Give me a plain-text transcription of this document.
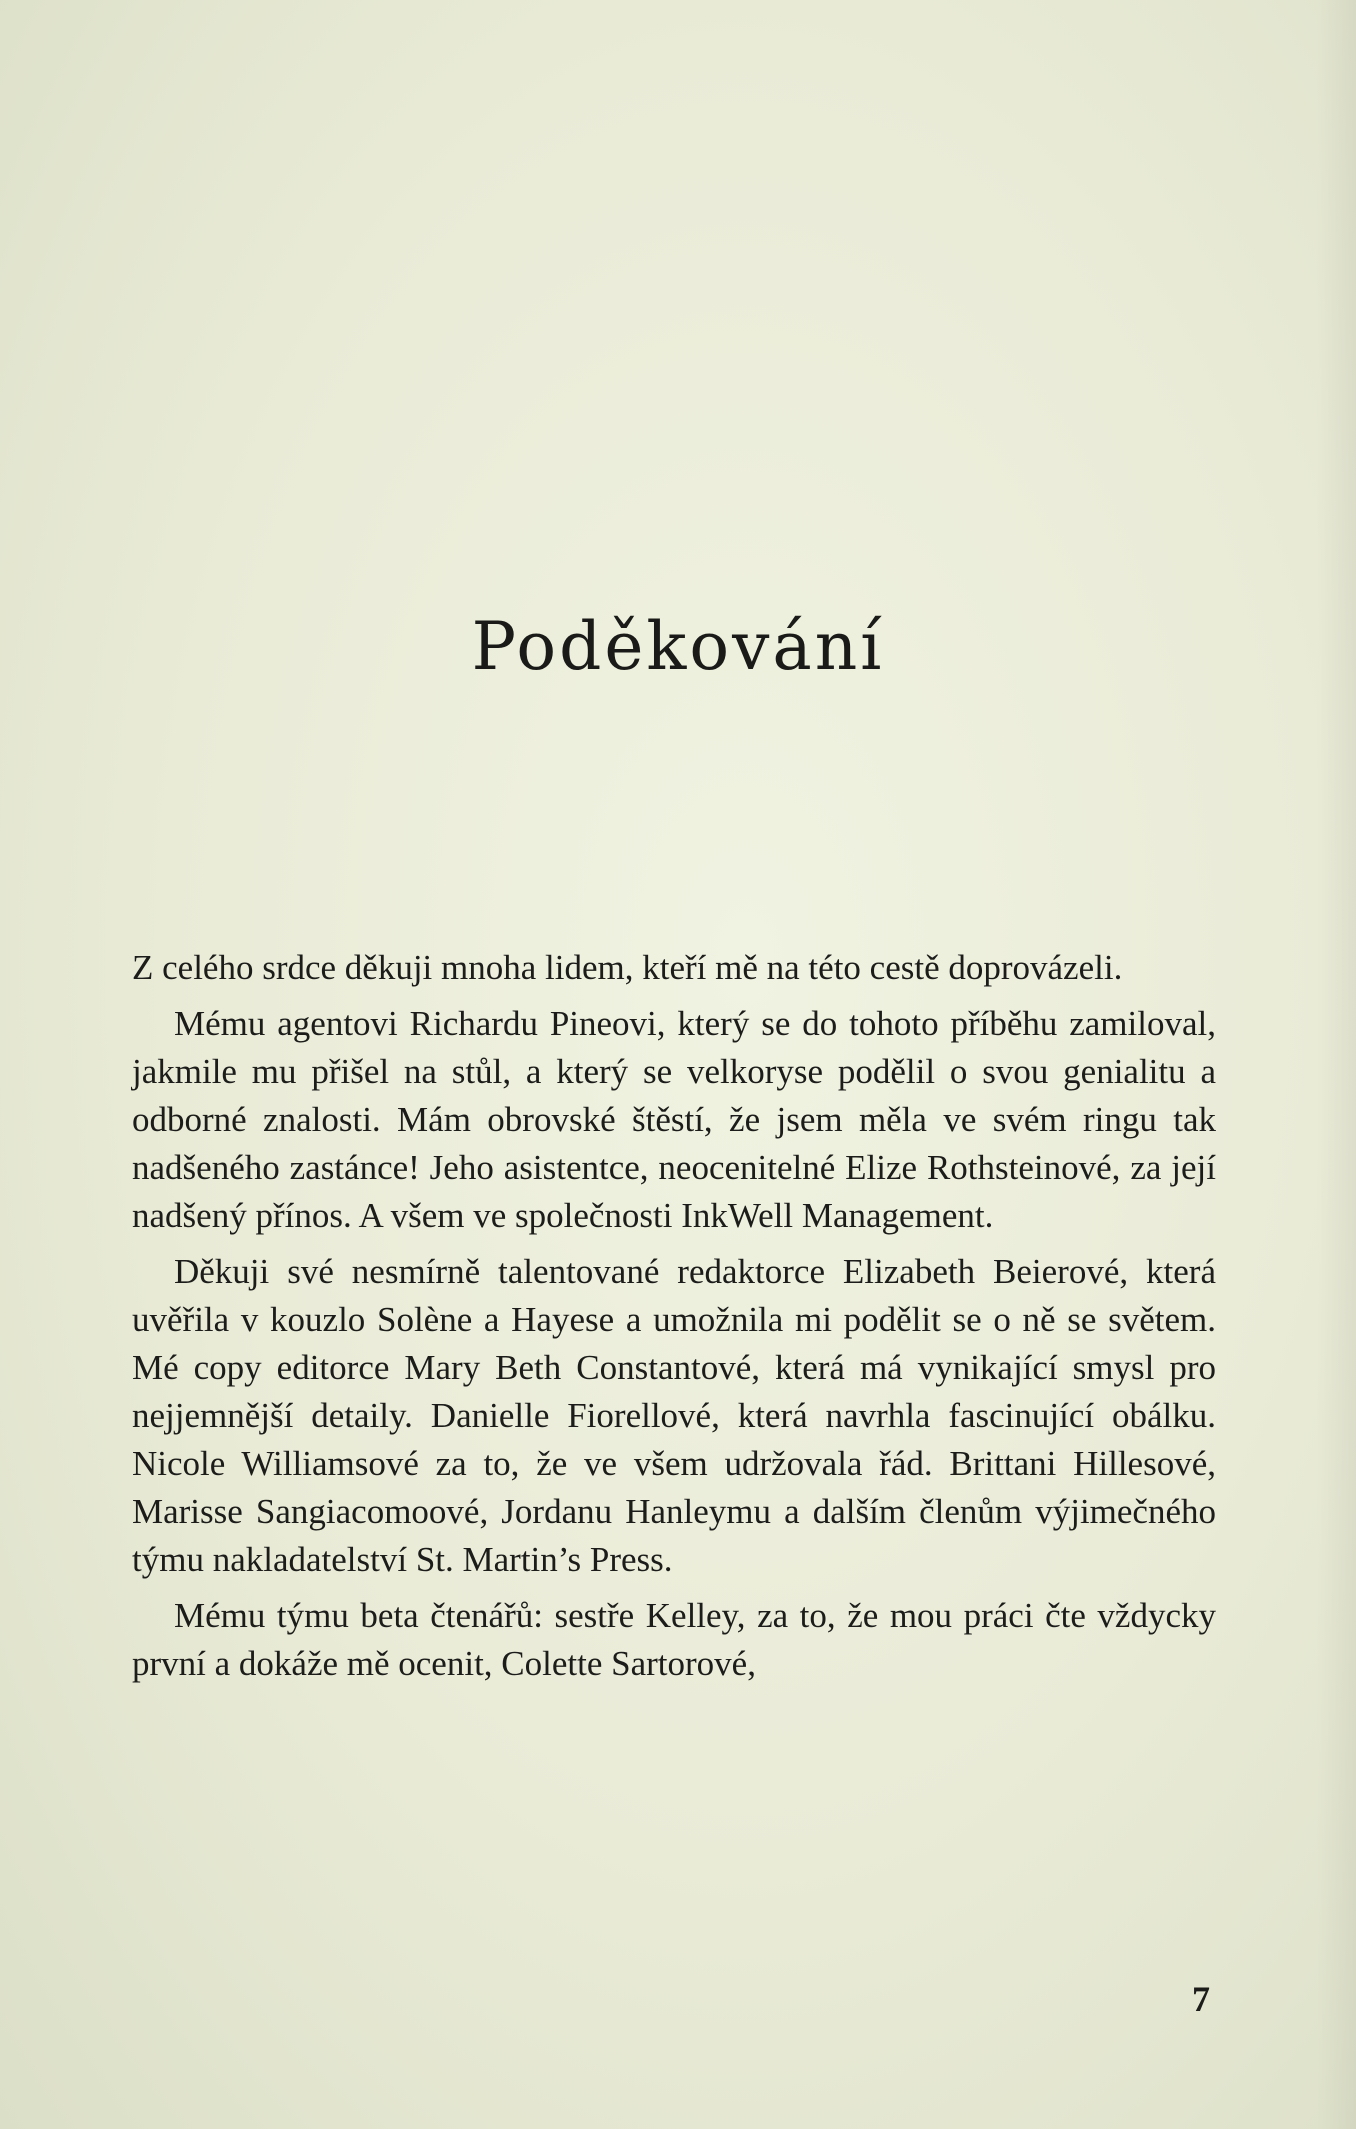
Poděkování

Z celého srdce děkuji mnoha lidem, kteří mě na této cestě doprovázeli.

Mému agentovi Richardu Pineovi, který se do tohoto příběhu zamiloval, jakmile mu přišel na stůl, a který se velkoryse podělil o svou genialitu a odborné znalosti. Mám obrovské štěstí, že jsem měla ve svém ringu tak nadšeného zastánce! Jeho asistentce, neocenitelné Elize Rothsteinové, za její nadšený přínos. A všem ve společnosti InkWell Management.

Děkuji své nesmírně talentované redaktorce Elizabeth Beierové, která uvěřila v kouzlo Solène a Hayese a umožnila mi podělit se o ně se světem. Mé copy editorce Mary Beth Constantové, která má vynikající smysl pro nejjemnější detaily. Danielle Fiorellové, která navrhla fascinující obálku. Nicole Williamsové za to, že ve všem udržovala řád. Brittani Hillesové, Marisse Sangiacomoové, Jordanu Hanleymu a dalším členům výjimečného týmu nakladatelství St. Martin’s Press.

Mému týmu beta čtenářů: sestře Kelley, za to, že mou práci čte vždycky první a dokáže mě ocenit, Colette Sartorové,

7
